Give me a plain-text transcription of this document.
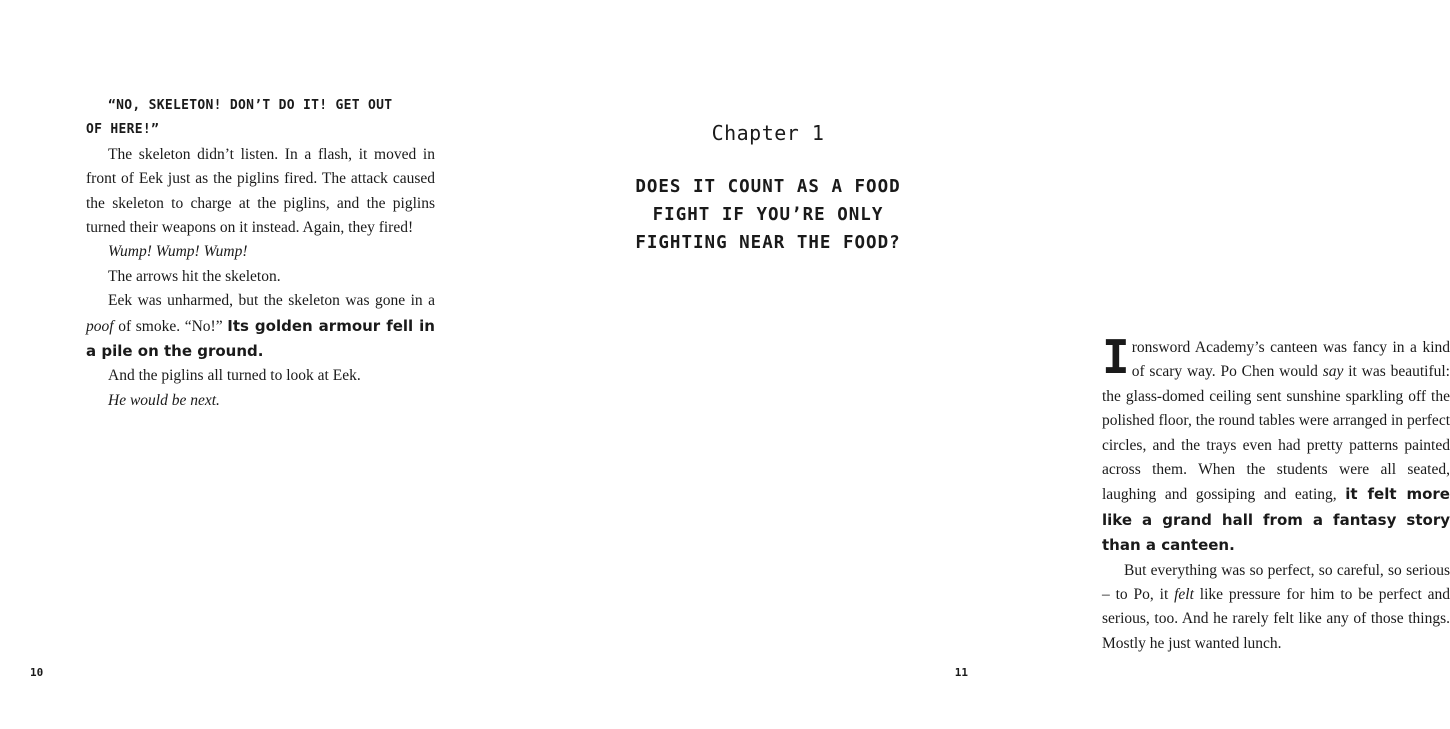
“NO, SKELETON! DON’T DO IT! GET OUT

OF HERE!”

The skeleton didn’t listen. In a flash, it moved in front of Eek just as the piglins fired. The attack caused the skeleton to charge at the piglins, and the piglins turned their weapons on it instead. Again, they fired!

Wump! Wump! Wump!

The arrows hit the skeleton.

Eek was unharmed, but the skeleton was gone in a poof of smoke. “No!” Its golden armour fell in a pile on the ground.

And the piglins all turned to look at Eek.

He would be next.

10
Chapter 1
DOES IT COUNT AS A FOOD
FIGHT IF YOU’RE ONLY
FIGHTING NEAR THE FOOD?

Ironsword Academy’s canteen was fancy in a kind of scary way. Po Chen would say it was beautiful: the glass-domed ceiling sent sunshine sparkling off the polished floor, the round tables were arranged in perfect circles, and the trays even had pretty patterns painted across them. When the students were all seated, laughing and gossiping and eating, it felt more like a grand hall from a fantasy story than a canteen.

But everything was so perfect, so careful, so serious – to Po, it felt like pressure for him to be perfect and serious, too. And he rarely felt like any of those things. Mostly he just wanted lunch.

11
